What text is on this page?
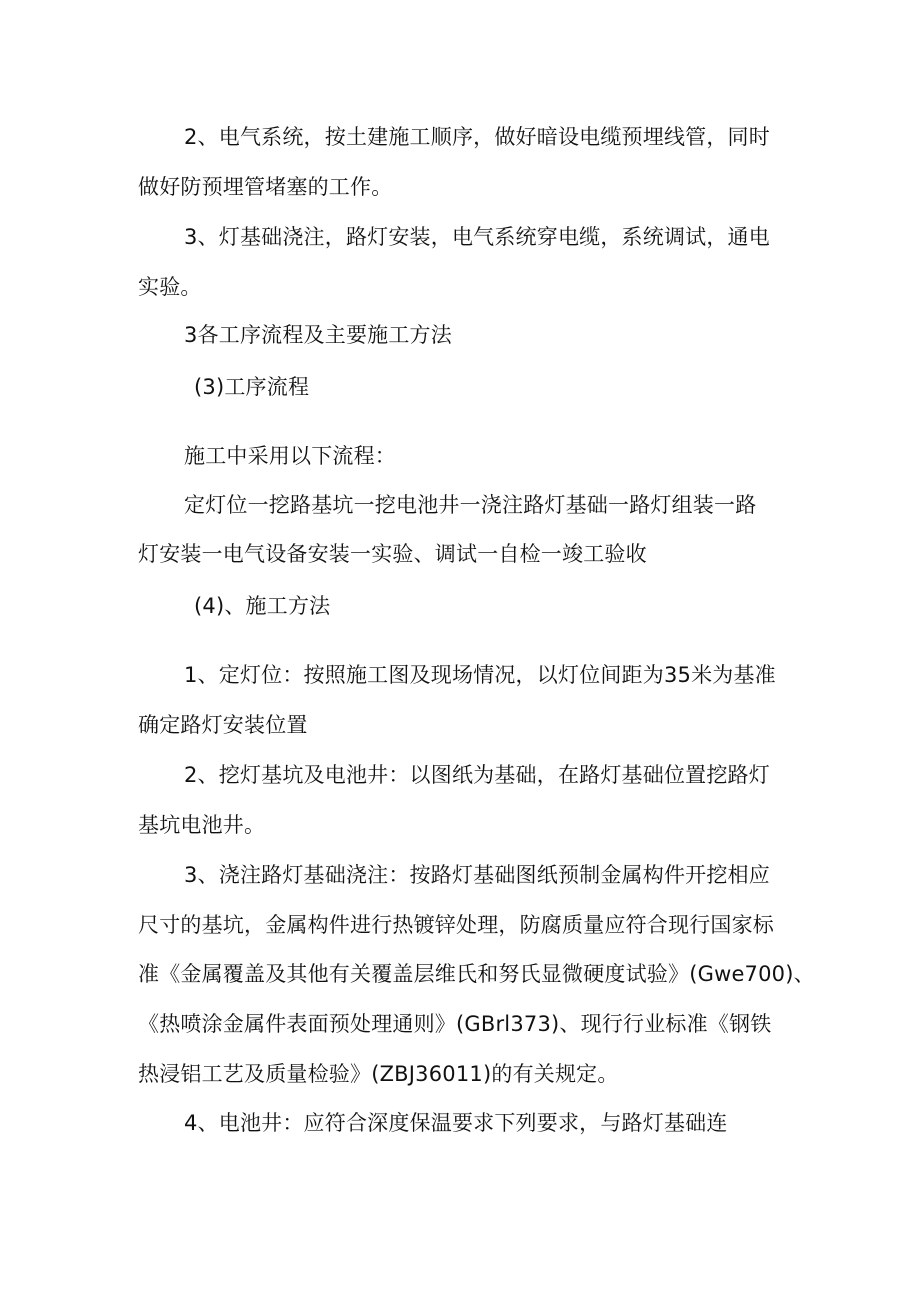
2、电气系统，按土建施工顺序，做好暗设电缆预埋线管，同时
做好防预埋管堵塞的工作。
3、灯基础浇注，路灯安装，电气系统穿电缆，系统调试，通电
实验。
3各工序流程及主要施工方法
(3)工序流程
施工中采用以下流程：
定灯位一挖路基坑一挖电池井一浇注路灯基础一路灯组装一路
灯安装一电气设备安装一实验、调试一自检一竣工验收
(4)、施工方法
1、定灯位：按照施工图及现场情况，以灯位间距为35米为基准
确定路灯安装位置
2、挖灯基坑及电池井：以图纸为基础，在路灯基础位置挖路灯
基坑电池井。
3、浇注路灯基础浇注：按路灯基础图纸预制金属构件开挖相应
尺寸的基坑，金属构件进行热镀锌处理，防腐质量应符合现行国家标
准《金属覆盖及其他有关覆盖层维氏和努氏显微硬度试验》(Gwe700)、
《热喷涂金属件表面预处理通则》(GBrl373)、现行行业标准《钢铁
热浸铝工艺及质量检验》(ZBJ36011)的有关规定。
4、电池井：应符合深度保温要求下列要求，与路灯基础连
